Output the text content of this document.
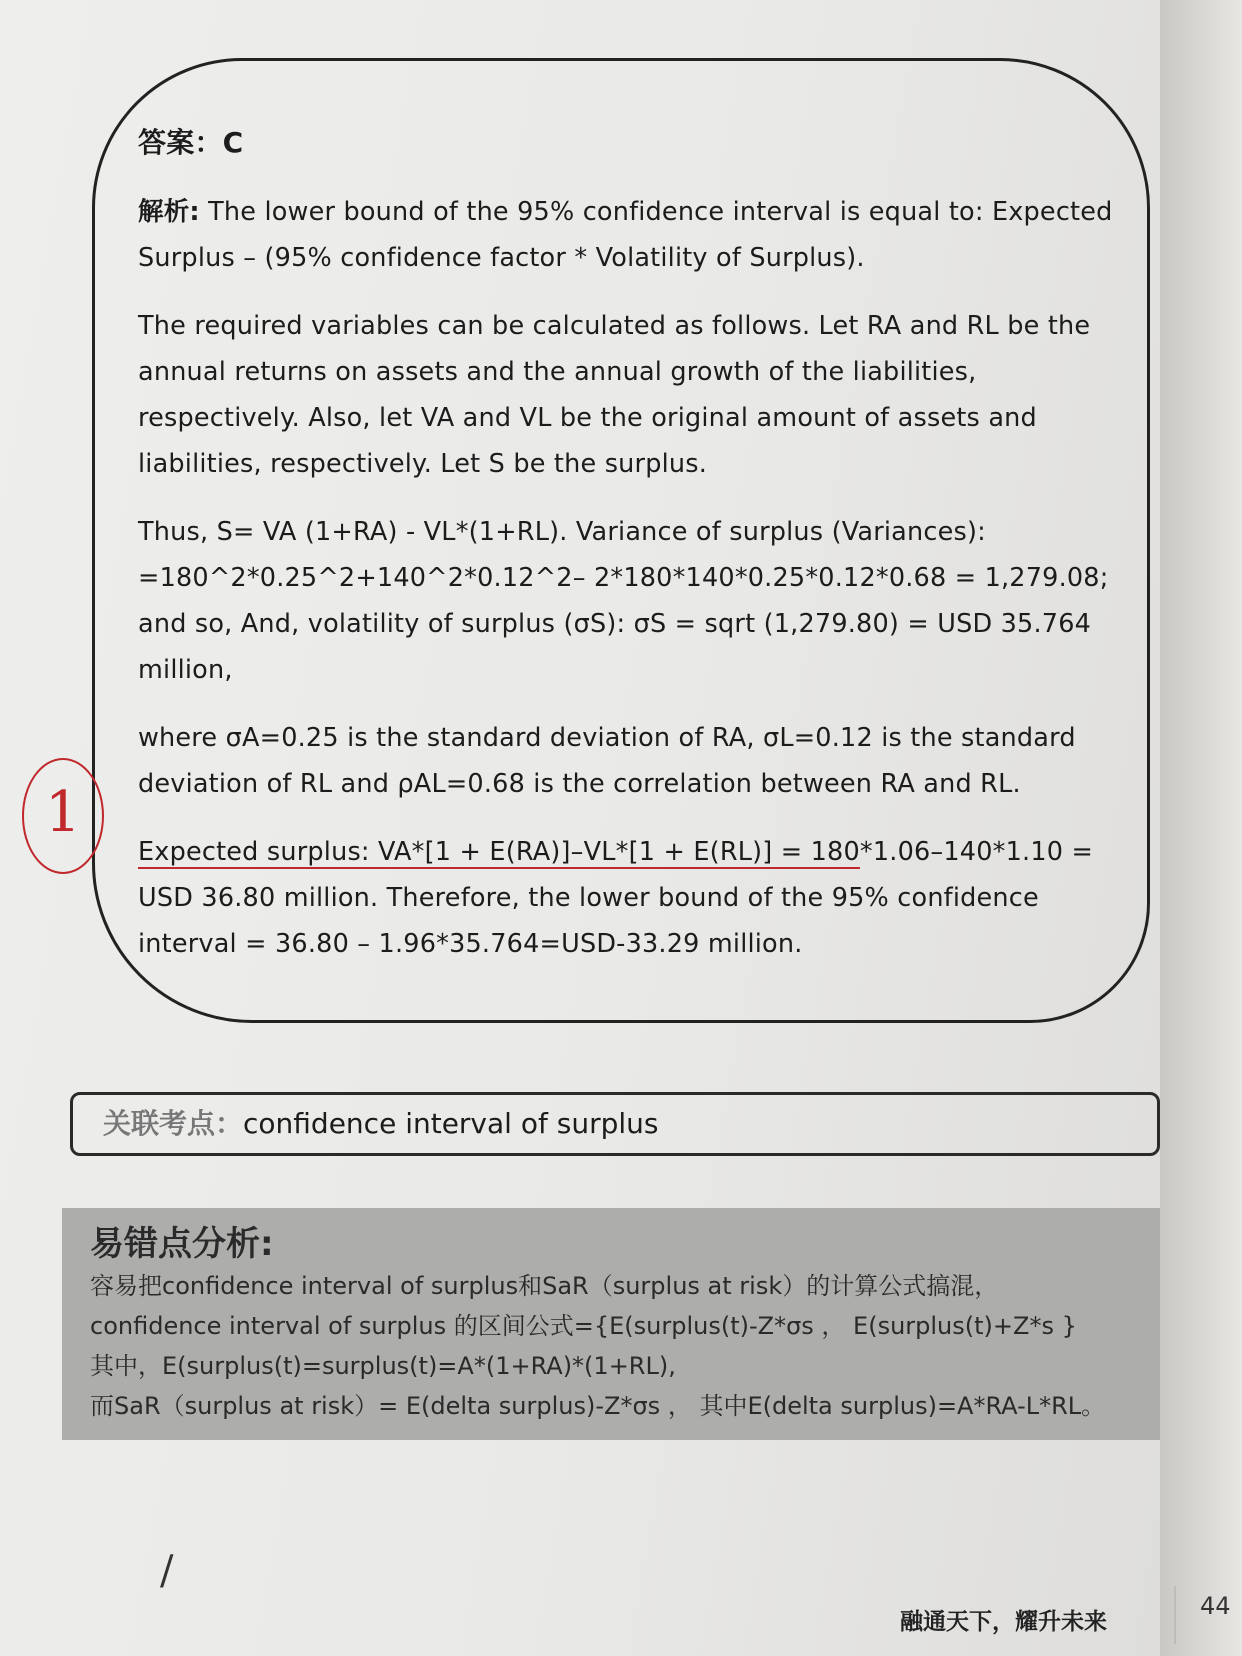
答案：C

解析: The lower bound of the 95% confidence interval is equal to: Expected Surplus – (95% confidence factor * Volatility of Surplus).

The required variables can be calculated as follows. Let RA and RL be the annual returns on assets and the annual growth of the liabilities, respectively. Also, let VA and VL be the original amount of assets and liabilities, respectively. Let S be the surplus.

Thus, S= VA (1+RA) - VL*(1+RL). Variance of surplus (Variances): =180^2*0.25^2+140^2*0.12^2– 2*180*140*0.25*0.12*0.68 = 1,279.08; and so, And, volatility of surplus (σS): σS = sqrt (1,279.80) = USD 35.764 million,

where σA=0.25 is the standard deviation of RA, σL=0.12 is the standard deviation of RL and ρAL=0.68 is the correlation between RA and RL.

Expected surplus: VA*[1 + E(RA)]–VL*[1 + E(RL)] = 180*1.06–140*1.10 = USD 36.80 million. Therefore, the lower bound of the 95% confidence interval = 36.80 – 1.96*35.764=USD-33.29 million.

1
关联考点：confidence interval of surplus
易错点分析:
容易把confidence interval of surplus和SaR（surplus at risk）的计算公式搞混，
confidence interval of surplus 的区间公式={E(surplus(t)-Z*σs ， E(surplus(t)+Z*s }
其中，E(surplus(t)=surplus(t)=A*(1+RA)*(1+RL),
而SaR（surplus at risk）= E(delta surplus)-Z*σs ， 其中E(delta surplus)=A*RA-L*RL。
/
融通天下，耀升未来
44
